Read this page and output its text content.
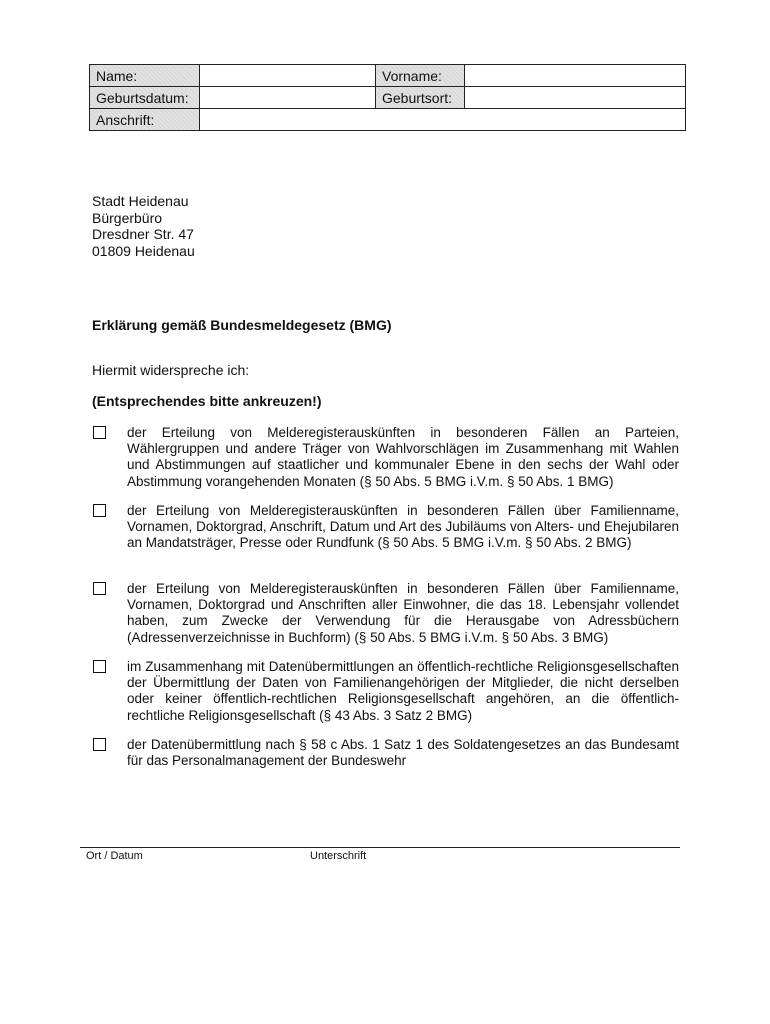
Name:		Vorname:	
Geburtsdatum:		Geburtsort:	
Anschrift:			
Stadt Heidenau
Bürgerbüro
Dresdner Str. 47
01809 Heidenau
Erklärung gemäß Bundesmeldegesetz (BMG)
Hiermit widerspreche ich:
(Entsprechendes bitte ankreuzen!)

der Erteilung von Melderegisterauskünften in besonderen Fällen an Parteien, Wählergruppen und andere Träger von Wahlvorschlägen im Zusammenhang mit Wahlen und Abstimmungen auf staatlicher und kommunaler Ebene in den sechs der Wahl oder Abstimmung vorangehenden Monaten (§ 50 Abs. 5 BMG i.V.m. § 50 Abs. 1 BMG)

der Erteilung von Melderegisterauskünften in besonderen Fällen über Familienname, Vornamen, Doktorgrad, Anschrift, Datum und Art des Jubiläums von Alters- und Ehejubilaren an Mandatsträger, Presse oder Rundfunk (§ 50 Abs. 5 BMG i.V.m. § 50 Abs. 2 BMG)

der Erteilung von Melderegisterauskünften in besonderen Fällen über Familienname, Vornamen, Doktorgrad und Anschriften aller Einwohner, die das 18. Lebensjahr vollendet haben, zum Zwecke der Verwendung für die Herausgabe von Adressbüchern (Adressenverzeichnisse in Buchform) (§ 50 Abs. 5 BMG i.V.m. § 50 Abs. 3 BMG)

im Zusammenhang mit Datenübermittlungen an öffentlich-rechtliche Religionsgesellschaften der Übermittlung der Daten von Familienangehörigen der Mitglieder, die nicht derselben oder keiner öffentlich-rechtlichen Religionsgesellschaft angehören, an die öffentlich-rechtliche Religionsgesellschaft (§ 43 Abs. 3 Satz 2 BMG)

der Datenübermittlung nach § 58 c Abs. 1 Satz 1 des Soldatengesetzes an das Bundesamt für das Personalmanagement der Bundeswehr

Ort / Datum	Unterschrift
